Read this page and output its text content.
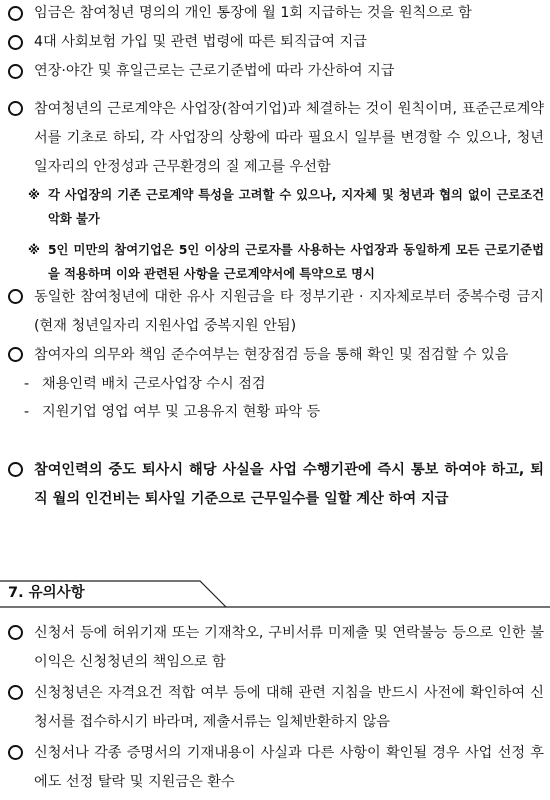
임금은 참여청년 명의의 개인 통장에 월 1회 지급하는 것을 원칙으로 함
4대 사회보험 가입 및 관련 법령에 따른 퇴직급여 지급
연장·야간 및 휴일근로는 근로기준법에 따라 가산하여 지급
참여청년의 근로계약은 사업장(참여기업)과 체결하는 것이 원칙이며, 표준근로계약서를 기초로 하되, 각 사업장의 상황에 따라 필요시 일부를 변경할 수 있으나, 청년 일자리의 안정성과 근무환경의 질 제고를 우선함
※ 각 사업장의 기존 근로계약 특성을 고려할 수 있으나, 지자체 및 청년과 협의 없이 근로조건 악화 불가
※ 5인 미만의 참여기업은 5인 이상의 근로자를 사용하는 사업장과 동일하게 모든 근로기준법을 적용하며 이와 관련된 사항을 근로계약서에 특약으로 명시
동일한 참여청년에 대한 유사 지원금을 타 정부기관 · 지자체로부터 중복수령 금지(현재 청년일자리 지원사업 중복지원 안됨)
참여자의 의무와 책임 준수여부는 현장점검 등을 통해 확인 및 점검할 수 있음
- 채용인력 배치 근로사업장 수시 점검
- 지원기업 영업 여부 및 고용유지 현황 파악 등
참여인력의 중도 퇴사시 해당 사실을 사업 수행기관에 즉시 통보 하여야 하고, 퇴직 월의 인건비는 퇴사일 기준으로 근무일수를 일할 계산 하여 지급
7. 유의사항
신청서 등에 허위기재 또는 기재착오, 구비서류 미제출 및 연락불능 등으로 인한 불이익은 신청청년의 책임으로 함
신청청년은 자격요건 적합 여부 등에 대해 관련 지침을 반드시 사전에 확인하여 신청서를 접수하시기 바라며, 제출서류는 일체반환하지 않음
신청서나 각종 증명서의 기재내용이 사실과 다른 사항이 확인될 경우 사업 선정 후에도 선정 탈락 및 지원금은 환수
